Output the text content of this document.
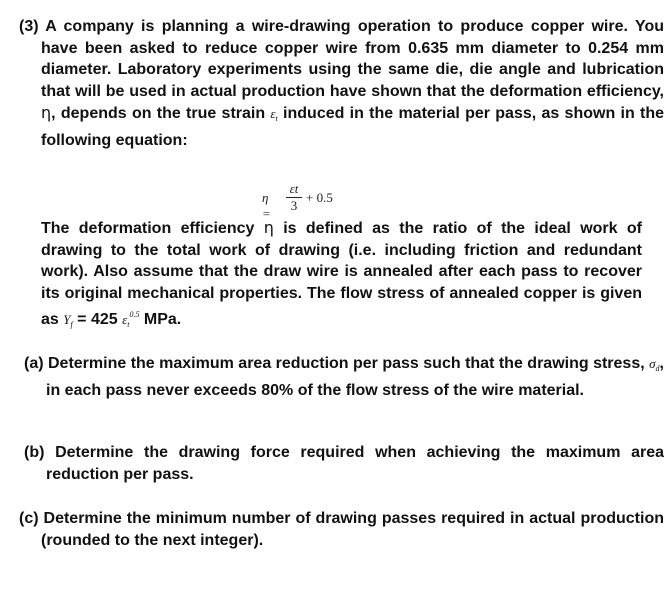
(3) A company is planning a wire-drawing operation to produce copper wire. You have been asked to reduce copper wire from 0.635 mm diameter to 0.254 mm diameter. Laboratory experiments using the same die, die angle and lubrication that will be used in actual production have shown that the deformation efficiency, η, depends on the true strain $\varepsilon_t$ induced in the material per pass, as shown in the following equation:
η =
εt
3
+ 0.5
The deformation efficiency η is defined as the ratio of the ideal work of drawing to the total work of drawing (i.e. including friction and redundant work). Also assume that the draw wire is annealed after each pass to recover its original mechanical properties. The flow stress of annealed copper is given as $Y_f = 425$ $\varepsilon_t^{0.5}$ MPa.
(a) Determine the maximum area reduction per pass such that the drawing stress, $\sigma_d$, in each pass never exceeds 80% of the flow stress of the wire material.
(b) Determine the drawing force required when achieving the maximum area reduction per pass.
(c) Determine the minimum number of drawing passes required in actual production (rounded to the next integer).
